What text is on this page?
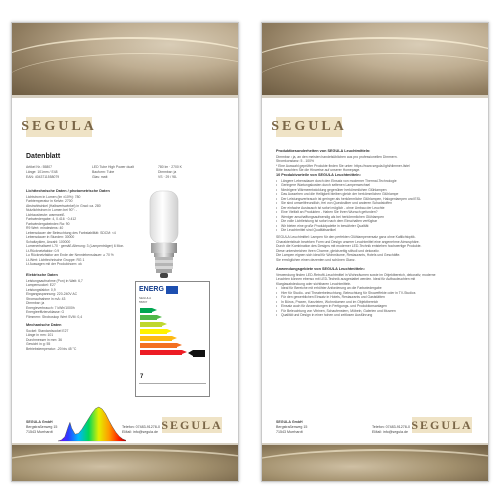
SEGULA
Datenblatt
Artikel Nr.: 55807	LED Tube High Power dualt	780 lm · 2700 K
Länge: 101mm / E48	Bauform: Tube	Dimmbar: ja
EAN: 4043711558079	Glas: matt	VS · 29 / 98-
Lichttechnische Daten / photometrische Daten
Lichtstrom in Lumen (lm ±10%): 780
Farbtemperatur in Kelvin: 2700
Abstrahlwinkel (Halbwertswinkel) in Grad: ca. 280
Nutzlichtstrom in Lumen bei 90°: -
Lichtausbeute: warmweiß
Farbwiedergabe: 4, 0.416 · 0.412
Farbwiedergabeindex Ra: 90
R9 Wert: mindestens: 40
Lebensdauer der Beleuchtung des Farbstabilität: SDCM: <4
Lebensdauer in Stunden: 30000
Schaltzyklen, Anzahl: 100000
Lumenerhaltwert L70 · gemäß Alterung: 3 (Lampenträger) 6 Mon.
Lt-Rücknetzfaktor: 0.9
Lu Rücknetzfaktor am Ende der Nennlebensdauer: ≥ 70 %
Lt-Wert: Lichttechnische Gruppe: RG 1
Lt Aussagen mit der Produktnorm: ok
Elektrische Daten
Leistungsaufnahme (Pon) in Watt: 6,7
Lampensockel: E27
Leistungsfaktor: 0,9
Eingangsspannung: 220-240V AC
Stromaufnahme in mA: 43
Dimmbar: ja
Energieverbrauch: 7 kWh/1000h
Energieeffizienzklasse: G
Flimmern: Stroboskop Wert SVM: 0,4
Mechanische Daten
Sockel: Standardsockel E27
Länge in mm: 101
Durchmesser in mm: 36
Gewicht in g: 55
Betriebstemperatur: -20 bis 45 °C
ENERG
SEGULA
55807
7
SEGULA
SEGULA GmbH
Bergstraßenweg 15
71543 Murrhardt
Telefon: 07483-91278-0
EMail: info@segula.de
SEGULA
Produktbesonderheiten von SEGULA Leuchtmitteln:
Dimmbar ¹ ja, an den meisten handelsüblichen aus pro professionellen Dimmern.
Stromkonstanz: 5 - 100%
* Eine Auswahl geprüfter Produkte finden Sie unter: https://www.segula.light/dimmer-liste/
Bitte beachten Sie die Hinweise auf unserer Homepage.
10 Produktvorteile von SEGULA Leuchtmitteln:
• Längere Lebensdauer durch den Einsatz von moderner Thermal-Technologie
• Geringere Wartungskosten durch seltenen Lampenwechsel
• Niedrigere Wärmeentwicklung gegenüber herkömmlichen Glühlampen
• Das Aussehen und die Helligkeit bleiben gleich der herkömmlichen Glühlampe
• Der Leistungsverbrauch ist geringer als herkömmliche Glühlampen, Halogenlampen und ESL
• Sie sind umweltfreundlich, frei von Quecksilber und anderen Schadstoffen
• Der einfache Austausch ist sofort möglich - ohne Umbau der Leuchte
• Eine Vielfalt an Produkten - Haben Sie Ihren Wunsch gefunden?
• Weniger anschaffungsaufwendig als bei herkömmlichen Glühlampen
• Die volle Lichtleistung ist sofort nach dem Einschalten verfügbar
• Wir bieten eine große Produktpalette in bewährter Qualität
• Die Leuchtmittel sind Qualitätsartikel
SEGULA Leuchtmittel: Lampen für den perfekten Glühlampenersatz ganz ohne Kaltlichtoptik.
Charakteristisch bewirken Form und Design unserer Leuchtmittel eine angenehme Atmosphäre.
Durch die Kombination des Designs mit moderner LED-Technik entstehen hochwertige Produkte.
Diese unterstreichen ihren Charme, gleichzeitig stilvoll und dekorativ.
Die Lampen eignen sich ideal für Wohnräume, Restaurants, Hotels und Geschäfte.
Sie ermöglichen einen dezenten und schönen Glanz.
Anwendungsgebiete von SEGULA Leuchtmitteln:
Verwendung finden LED-Retrofit-Leuchtmittel in Wohnräumen sowie im Objektbereich, dekorativ, moderne
Leuchten können ebenso mit LED-Technik ausgestattet werden. Ideal für Aufbauleuchten mit
Klarglasabdeckung oder sichtbaren Leuchtmitteln.
• Ideal für Bereiche mit erhöhter Anforderung an die Farbwiedergabe
• Hier für Studio- und Theaterbeleuchtung, Beleuchtung für Showeffekte oder in TV-Studios
• Für den gewerblichen Einsatz in Hotels, Restaurants und Gaststätten
• In Büros, Praxen, Kanzleien, Wohnräumen und im Objektbereich
• Einsatz auch für Anwendungen in Fertigungs- und Produktionsanlagen
• Für Beleuchtung von Vitrinen, Schaufenstern, Möbeln, Galerien und Museen
• Qualität und Design in einer hohen und zeitlosen Ausführung
SEGULA
SEGULA GmbH
Bergstraßenweg 15
71543 Murrhardt
Telefon: 07483-91278-0
EMail: info@segula.de
